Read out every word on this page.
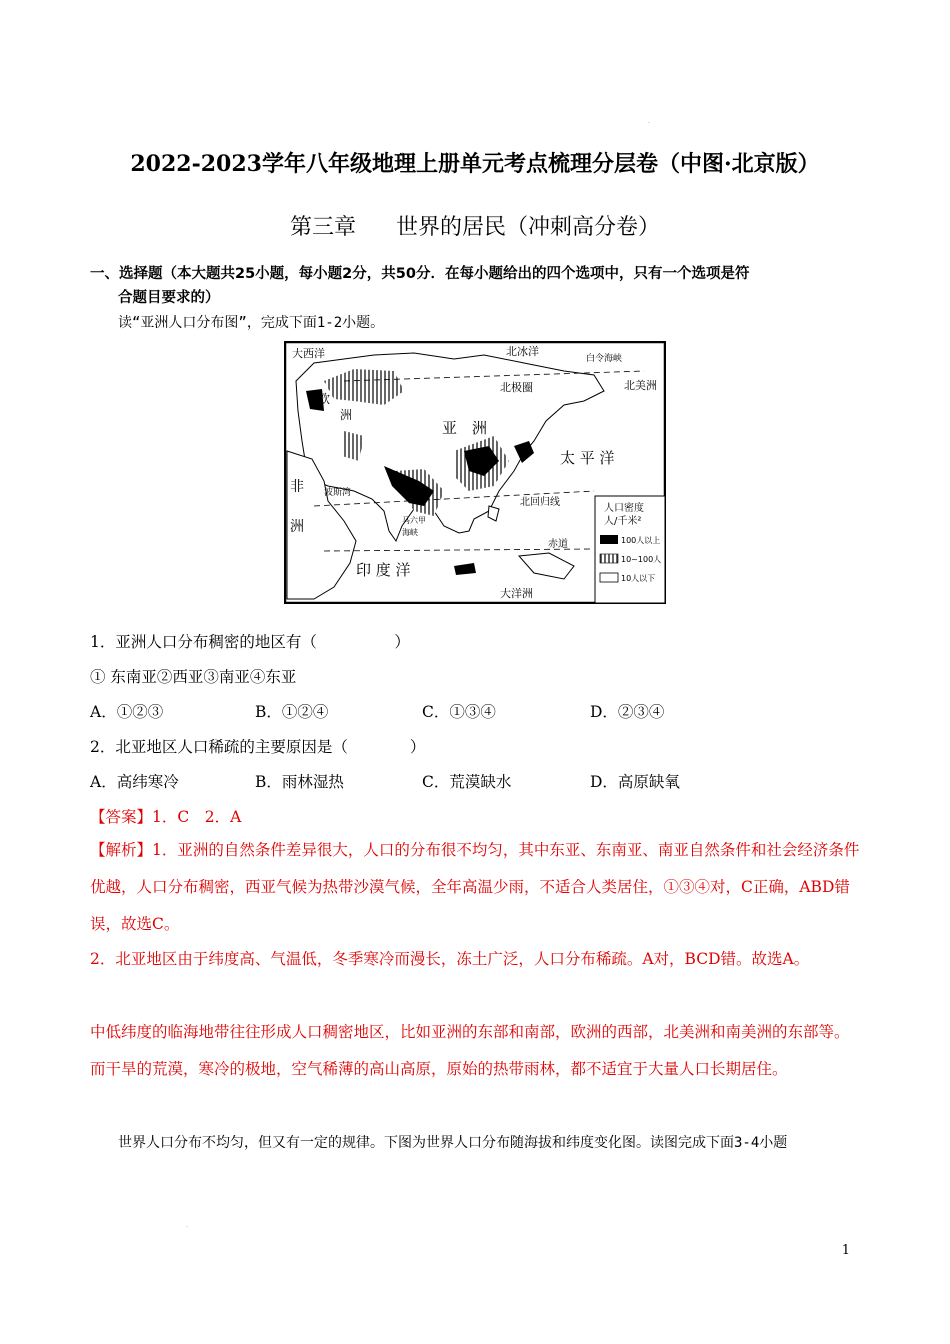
.
2022-2023学年八年级地理上册单元考点梳理分层卷（中图·北京版）
第三章 世界的居民（冲刺高分卷）
一、选择题（本大题共25小题，每小题2分，共50分．在每小题给出的四个选项中，只有一个选项是符
合题目要求的）
读“亚洲人口分布图”，完成下面1-2小题。
大西洋	北冰洋
白令海峡
北美洲
北极圈
欧
洲
亚　洲
太 平 洋
非
洲
波斯湾
北回归线
马六甲
海峡
赤道
印 度 洋
大洋洲
人口密度
人/千米²
100人以上
10~100人
10人以下
1．亚洲人口分布稠密的地区有（　　　　　）
① 东南亚②西亚③南亚④东亚
A．①②③	B．①②④	C．①③④	D．②③④
2．北亚地区人口稀疏的主要原因是（　　　　）
A．高纬寒冷	B．雨林湿热	C．荒漠缺水	D．高原缺氧
【答案】1．C　2．A
【解析】1．亚洲的自然条件差异很大，人口的分布很不均匀，其中东亚、东南亚、南亚自然条件和社会经济条件优越，人口分布稠密，西亚气候为热带沙漠气候，全年高温少雨，不适合人类居住，①③④对，C正确，ABD错误，故选C。
2．北亚地区由于纬度高、气温低，冬季寒冷而漫长，冻土广泛，人口分布稀疏。A对，BCD错。故选A。
中低纬度的临海地带往往形成人口稠密地区，比如亚洲的东部和南部，欧洲的西部，北美洲和南美洲的东部等。而干旱的荒漠，寒冷的极地，空气稀薄的高山高原，原始的热带雨林，都不适宜于大量人口长期居住。
世界人口分布不均匀，但又有一定的规律。下图为世界人口分布随海拔和纬度变化图。读图完成下面3-4小题
.
1
